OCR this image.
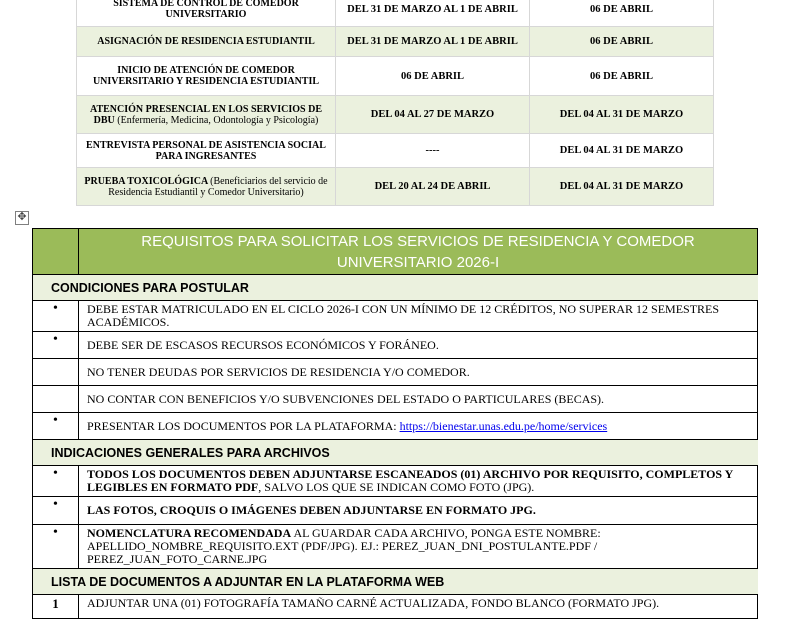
SISTEMA DE CONTROL DE COMEDOR UNIVERSITARIO	DEL 31 DE MARZO AL 1 DE ABRIL	06 DE ABRIL
ASIGNACIÓN DE RESIDENCIA ESTUDIANTIL	DEL 31 DE MARZO AL 1 DE ABRIL	06 DE ABRIL
INICIO DE ATENCIÓN DE COMEDOR UNIVERSITARIO Y RESIDENCIA ESTUDIANTIL	06 DE ABRIL	06 DE ABRIL
ATENCIÓN PRESENCIAL EN LOS SERVICIOS DE DBU (Enfermería, Medicina, Odontología y Psicología)	DEL 04 AL 27 DE MARZO	DEL 04 AL 31 DE MARZO
ENTREVISTA PERSONAL DE ASISTENCIA SOCIAL PARA INGRESANTES	----	DEL 04 AL 31 DE MARZO
PRUEBA TOXICOLÓGICA (Beneficiarios del servicio de Residencia Estudiantil y Comedor Universitario)	DEL 20 AL 24 DE ABRIL	DEL 04 AL 31 DE MARZO
✥
	REQUISITOS PARA SOLICITAR LOS SERVICIOS DE RESIDENCIA Y COMEDOR UNIVERSITARIO 2026-I
CONDICIONES PARA POSTULAR	
•	DEBE ESTAR MATRICULADO EN EL CICLO 2026-I CON UN MÍNIMO DE 12 CRÉDITOS, NO SUPERAR 12 SEMESTRES ACADÉMICOS.
•	DEBE SER DE ESCASOS RECURSOS ECONÓMICOS Y FORÁNEO.
	NO TENER DEUDAS POR SERVICIOS DE RESIDENCIA Y/O COMEDOR.
	NO CONTAR CON BENEFICIOS Y/O SUBVENCIONES DEL ESTADO O PARTICULARES (BECAS).
•	PRESENTAR LOS DOCUMENTOS POR LA PLATAFORMA: https://bienestar.unas.edu.pe/home/services
INDICACIONES GENERALES PARA ARCHIVOS	
•	TODOS LOS DOCUMENTOS DEBEN ADJUNTARSE ESCANEADOS (01) ARCHIVO POR REQUISITO, COMPLETOS Y LEGIBLES EN FORMATO PDF, SALVO LOS QUE SE INDICAN COMO FOTO (JPG).
•	LAS FOTOS, CROQUIS O IMÁGENES DEBEN ADJUNTARSE EN FORMATO JPG.
•	NOMENCLATURA RECOMENDADA AL GUARDAR CADA ARCHIVO, PONGA ESTE NOMBRE: APELLIDO_NOMBRE_REQUISITO.EXT (PDF/JPG). EJ.: PEREZ_JUAN_DNI_POSTULANTE.PDF / PEREZ_JUAN_FOTO_CARNE.JPG
LISTA DE DOCUMENTOS A ADJUNTAR EN LA PLATAFORMA WEB	
1	ADJUNTAR UNA (01) FOTOGRAFÍA TAMAÑO CARNÉ ACTUALIZADA, FONDO BLANCO (FORMATO JPG).
